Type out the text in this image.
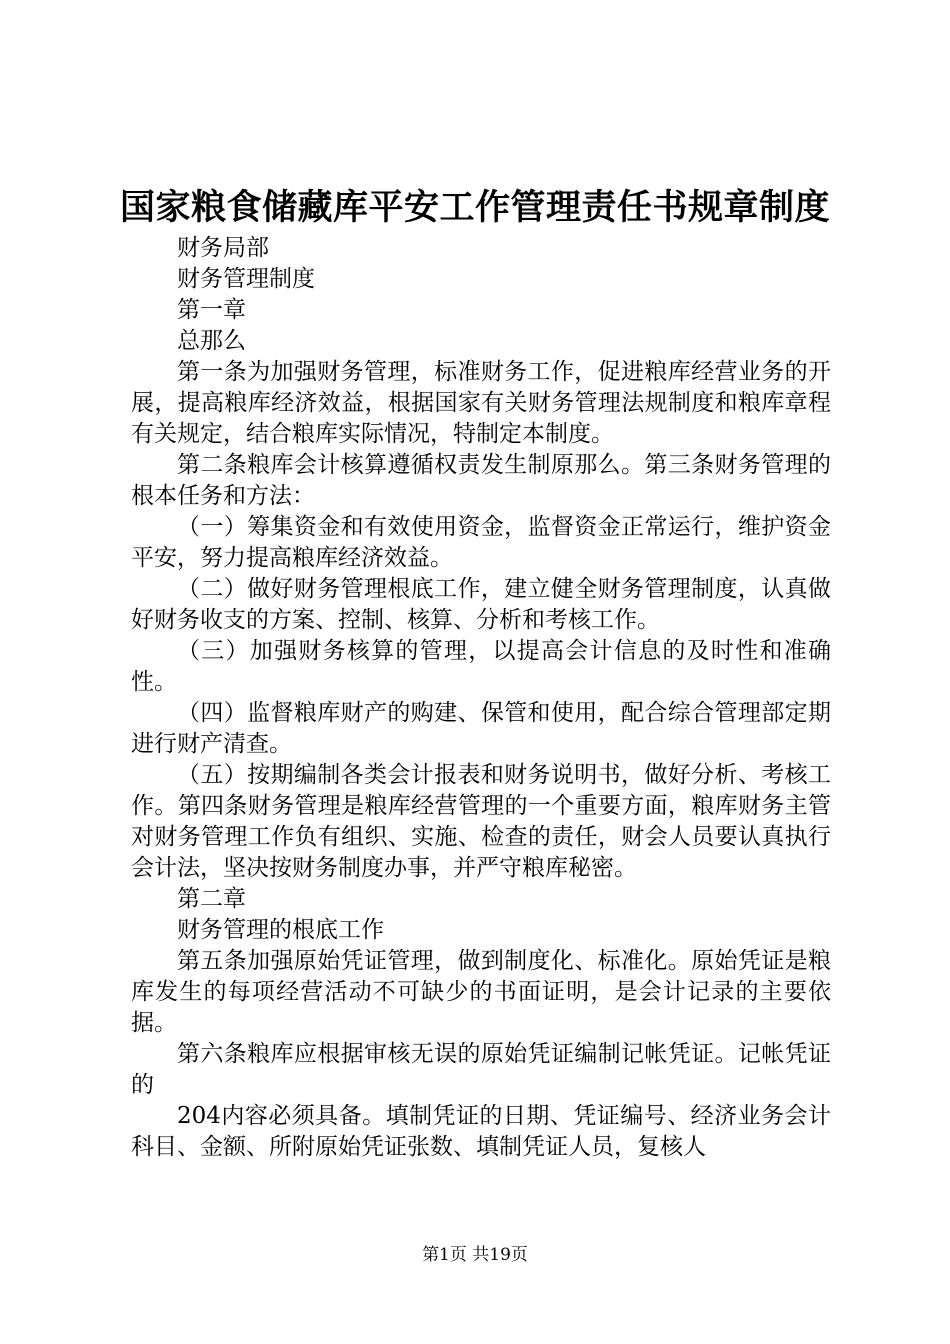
国家粮食储藏库平安工作管理责任书规章制度

财务局部

财务管理制度

第一章

总那么

第一条为加强财务管理，标准财务工作，促进粮库经营业务的开展，提高粮库经济效益，根据国家有关财务管理法规制度和粮库章程有关规定，结合粮库实际情况，特制定本制度。

第二条粮库会计核算遵循权责发生制原那么。第三条财务管理的根本任务和方法：

（一）筹集资金和有效使用资金，监督资金正常运行，维护资金平安，努力提高粮库经济效益。

（二）做好财务管理根底工作，建立健全财务管理制度，认真做好财务收支的方案、控制、核算、分析和考核工作。

（三）加强财务核算的管理，以提高会计信息的及时性和准确性。

（四）监督粮库财产的购建、保管和使用，配合综合管理部定期进行财产清查。

（五）按期编制各类会计报表和财务说明书，做好分析、考核工作。第四条财务管理是粮库经营管理的一个重要方面，粮库财务主管对财务管理工作负有组织、实施、检查的责任，财会人员要认真执行会计法，坚决按财务制度办事，并严守粮库秘密。

第二章

财务管理的根底工作

第五条加强原始凭证管理，做到制度化、标准化。原始凭证是粮库发生的每项经营活动不可缺少的书面证明，是会计记录的主要依据。

第六条粮库应根据审核无误的原始凭证编制记帐凭证。记帐凭证的

204内容必须具备。填制凭证的日期、凭证编号、经济业务会计科目、金额、所附原始凭证张数、填制凭证人员，复核人

第1页 共19页
